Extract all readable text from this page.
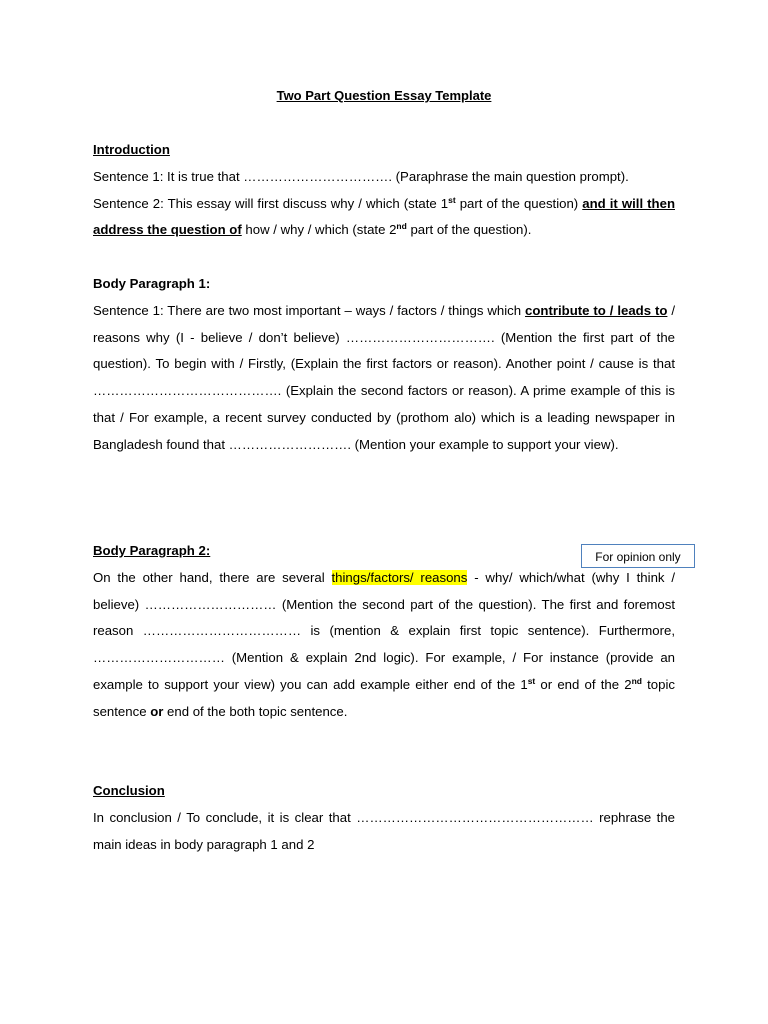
Two Part Question Essay Template
Introduction
Sentence 1: It is true that ……………………………. (Paraphrase the main question prompt).
Sentence 2: This essay will first discuss why / which (state 1st part of the question) and it will then address the question of how / why / which (state 2nd part of the question).
Body Paragraph 1:
Sentence 1: There are two most important – ways / factors / things which contribute to / leads to / reasons why (I - believe / don’t believe) ……………………………. (Mention the first part of the question). To begin with / Firstly, (Explain the first factors or reason). Another point / cause is that ……………………………………. (Explain the second factors or reason). A prime example of this is that / For example, a recent survey conducted by (prothom alo) which is a leading newspaper in Bangladesh found that ………………………. (Mention your example to support your view).
Body Paragraph 2:
On the other hand, there are several things/factors/ reasons - why/ which/what (why I think / believe) ………………………… (Mention the second part of the question). The first and foremost reason ……………………………… is (mention & explain first topic sentence). Furthermore, ………………………… (Mention & explain 2nd logic). For example, / For instance (provide an example to support your view) you can add example either end of the 1st or end of the 2nd topic sentence or end of the both topic sentence.
For opinion only
Conclusion
In conclusion / To conclude, it is clear that ……………………………………………… rephrase the main ideas in body paragraph 1 and 2
